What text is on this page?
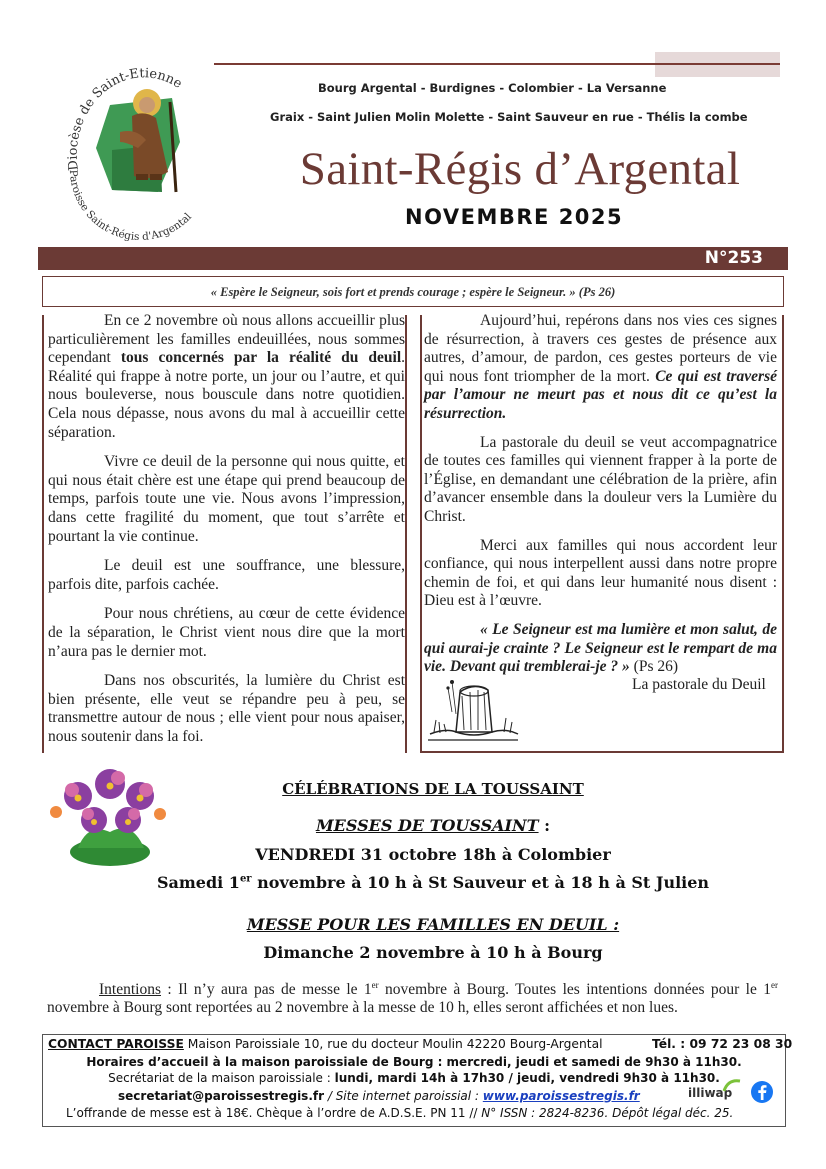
Diocèse de Saint-Etienne
Paroisse Saint-Régis d'Argental
Bourg Argental - Burdignes - Colombier - La Versanne
Graix - Saint Julien Molin Molette - Saint Sauveur en rue - Thélis la combe
Saint-Régis d’Argental
NOVEMBRE 2025
N°253
« Espère le Seigneur, sois fort et prends courage ; espère le Seigneur. » (Ps 26)

En ce 2 novembre où nous allons accueillir plus particulièrement les familles endeuillées, nous sommes cependant tous concernés par la réalité du deuil. Réalité qui frappe à notre porte, un jour ou l’autre, et qui nous bouleverse, nous bouscule dans notre quotidien. Cela nous dépasse, nous avons du mal à accueillir cette séparation.

Vivre ce deuil de la personne qui nous quitte, et qui nous était chère est une étape qui prend beaucoup de temps, parfois toute une vie. Nous avons l’impression, dans cette fragilité du moment, que tout s’arrête et pourtant la vie continue.

Le deuil est une souffrance, une blessure, parfois dite, parfois cachée.

Pour nous chrétiens, au cœur de cette évidence de la séparation, le Christ vient nous dire que la mort n’aura pas le dernier mot.

Dans nos obscurités, la lumière du Christ est bien présente, elle veut se répandre peu à peu, se transmettre autour de nous ; elle vient pour nous apaiser, nous soutenir dans la foi.

Aujourd’hui, repérons dans nos vies ces signes de résurrection, à travers ces gestes de présence aux autres, d’amour, de pardon, ces gestes porteurs de vie qui nous font triompher de la mort. Ce qui est traversé par l’amour ne meurt pas et nous dit ce qu’est la résurrection.

La pastorale du deuil se veut accompagnatrice de toutes ces familles qui viennent frapper à la porte de l’Église, en demandant une célébration de la prière, afin d’avancer ensemble dans la douleur vers la Lumière du Christ.

Merci aux familles qui nous accordent leur confiance, qui nous interpellent aussi dans notre propre chemin de foi, et qui dans leur humanité nous disent : Dieu est à l’œuvre.

« Le Seigneur est ma lumière et mon salut, de qui aurai-je crainte ? Le Seigneur est le rempart de ma vie. Devant qui tremblerai-je ? » (Ps 26)

La pastorale du Deuil
CÉLÉBRATIONS DE LA TOUSSAINT
MESSES DE TOUSSAINT :
VENDREDI 31 octobre 18h à Colombier
Samedi 1er novembre à 10 h à St Sauveur et à 18 h à St Julien
MESSE POUR LES FAMILLES EN DEUIL :
Dimanche 2 novembre à 10 h à Bourg
Intentions : Il n’y aura pas de messe le 1er novembre à Bourg. Toutes les intentions données pour le 1er novembre à Bourg sont reportées au 2 novembre à la messe de 10 h, elles seront affichées et non lues.
CONTACT PAROISSE Maison Paroissiale 10, rue du docteur Moulin 42220 Bourg-Argental	Tél. : 09 72 23 08 30
Horaires d’accueil à la maison paroissiale de Bourg : mercredi, jeudi et samedi de 9h30 à 11h30.
Secrétariat de la maison paroissiale : lundi, mardi 14h à 17h30 / jeudi, vendredi 9h30 à 11h30.
secretariat@paroissestregis.fr / Site internet paroissial : www.paroissestregis.fr	illiwap
L’offrande de messe est à 18€. Chèque à l’ordre de A.D.S.E. PN 11 // N° ISSN : 2824-8236. Dépôt légal déc. 25.
